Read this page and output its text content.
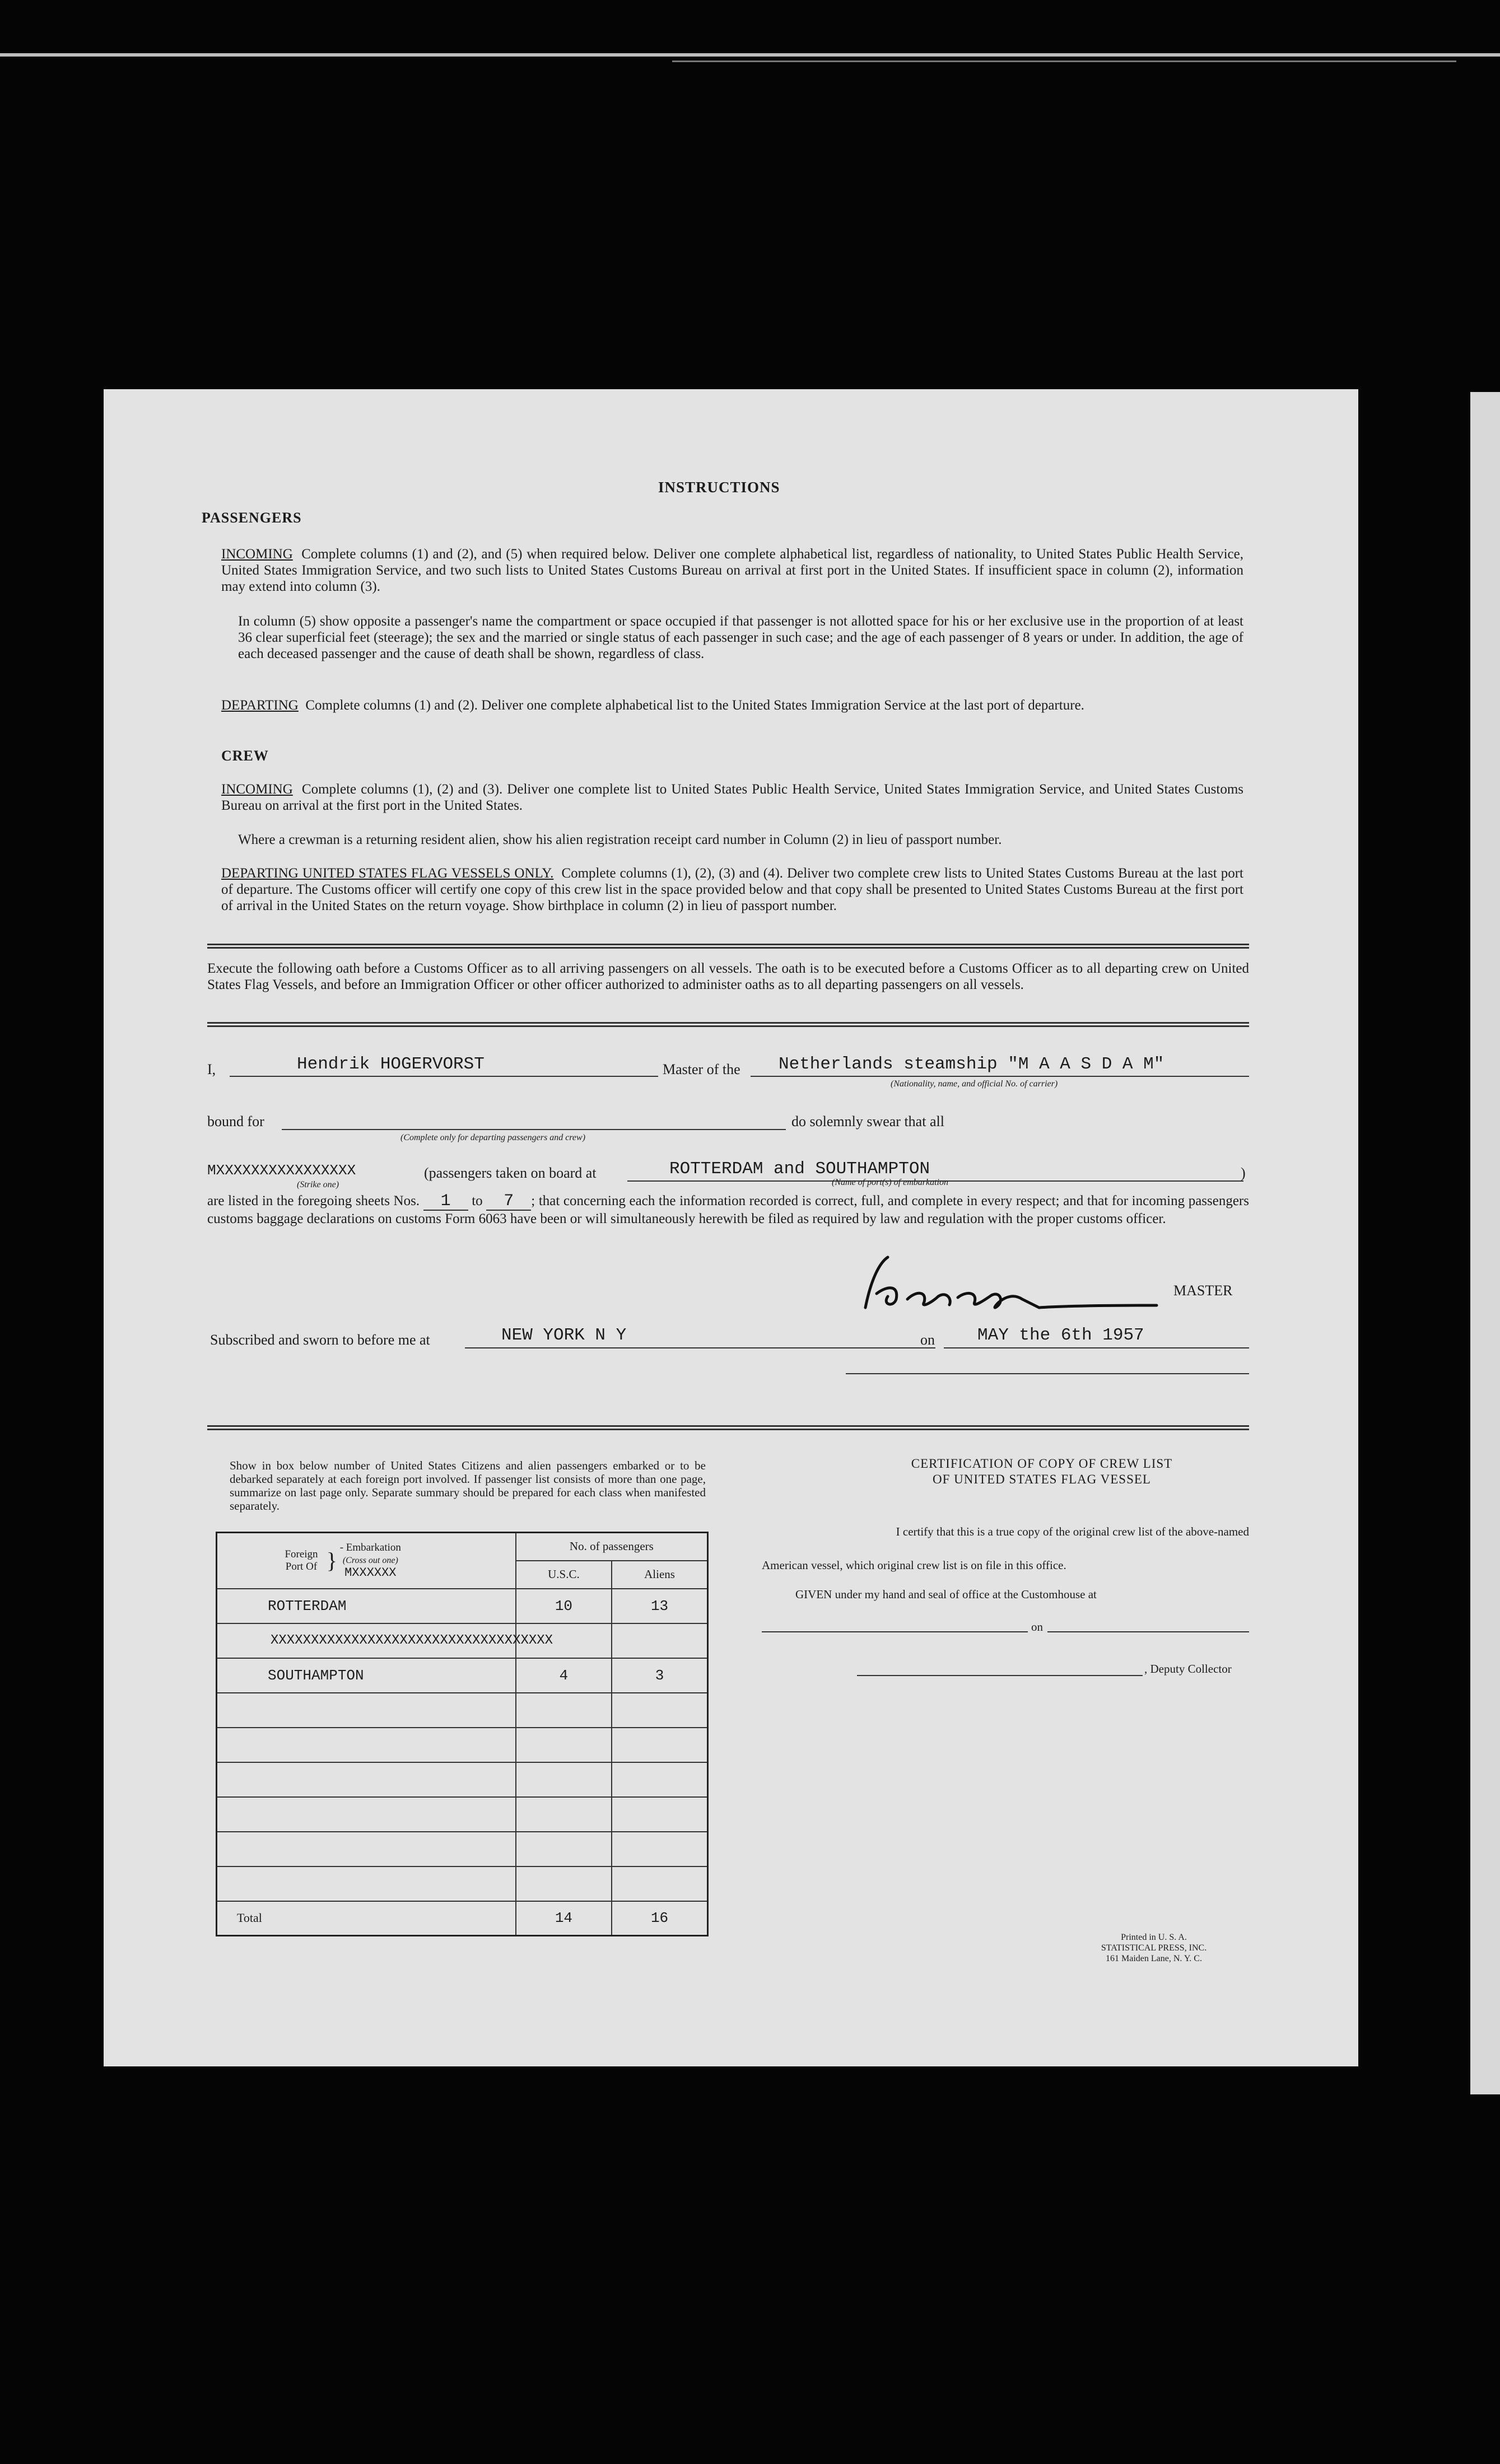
INSTRUCTIONS
PASSENGERS
INCOMING Complete columns (1) and (2), and (5) when required below. Deliver one complete alphabetical list, regardless of nationality, to United States Public Health Service, United States Immigration Service, and two such lists to United States Customs Bureau on arrival at first port in the United States. If insufficient space in column (2), information may extend into column (3).
In column (5) show opposite a passenger's name the compartment or space occupied if that passenger is not allotted space for his or her exclusive use in the proportion of at least 36 clear superficial feet (steerage); the sex and the married or single status of each passenger in such case; and the age of each passenger of 8 years or under. In addition, the age of each deceased passenger and the cause of death shall be shown, regardless of class.
DEPARTING Complete columns (1) and (2). Deliver one complete alphabetical list to the United States Immigration Service at the last port of departure.
CREW
INCOMING Complete columns (1), (2) and (3). Deliver one complete list to United States Public Health Service, United States Immigration Service, and United States Customs Bureau on arrival at the first port in the United States.
Where a crewman is a returning resident alien, show his alien registration receipt card number in Column (2) in lieu of passport number.
DEPARTING UNITED STATES FLAG VESSELS ONLY. Complete columns (1), (2), (3) and (4). Deliver two complete crew lists to United States Customs Bureau at the last port of departure. The Customs officer will certify one copy of this crew list in the space provided below and that copy shall be presented to United States Customs Bureau at the first port of arrival in the United States on the return voyage. Show birthplace in column (2) in lieu of passport number.
Execute the following oath before a Customs Officer as to all arriving passengers on all vessels. The oath is to be executed before a Customs Officer as to all departing crew on United States Flag Vessels, and before an Immigration Officer or other officer authorized to administer oaths as to all departing passengers on all vessels.
I,	Hendrik HOGERVORST	Master of the Netherlands steamship "M A A S D A M"
(Nationality, name, and official No. of carrier)
bound for
(Complete only for departing passengers and crew)
do solemnly swear that all
MXXXXXXXXXXXXXXXX
(Strike one)
(passengers taken on board at	ROTTERDAM and SOUTHAMPTON
(Name of port(s) of embarkation
)
are listed in the foregoing sheets Nos. 1 to 7 ; that concerning each the information recorded is correct, full, and complete in every respect; and that for incoming passengers customs baggage declarations on customs Form 6063 have been or will simultaneously herewith be filed as required by law and regulation with the proper customs officer.
MASTER
Subscribed and sworn to before me at	NEW YORK N Y	on MAY the 6th 1957
Show in box below number of United States Citizens and alien passengers embarked or to be debarked separately at each foreign port involved. If passenger list consists of more than one page, summarize on last page only. Separate summary should be prepared for each class when manifested separately.
Foreign Port Of } - Embarkation
(Cross out one)
MXXXXXX	No. of passengers	
	U.S.C.	Aliens
ROTTERDAM	10	13
XXXXXXXXXXXXXXXXXXXXXXXXXXXXXXXXXXX		
SOUTHAMPTON	4	3

Total	14	16
CERTIFICATION OF COPY OF CREW LIST
OF UNITED STATES FLAG VESSEL
I certify that this is a true copy of the original crew list of the above-named
American vessel, which original crew list is on file in this office.
GIVEN under my hand and seal of office at the Customhouse at
on
, Deputy Collector
Printed in U. S. A.
STATISTICAL PRESS, INC.
161 Maiden Lane, N. Y. C.
